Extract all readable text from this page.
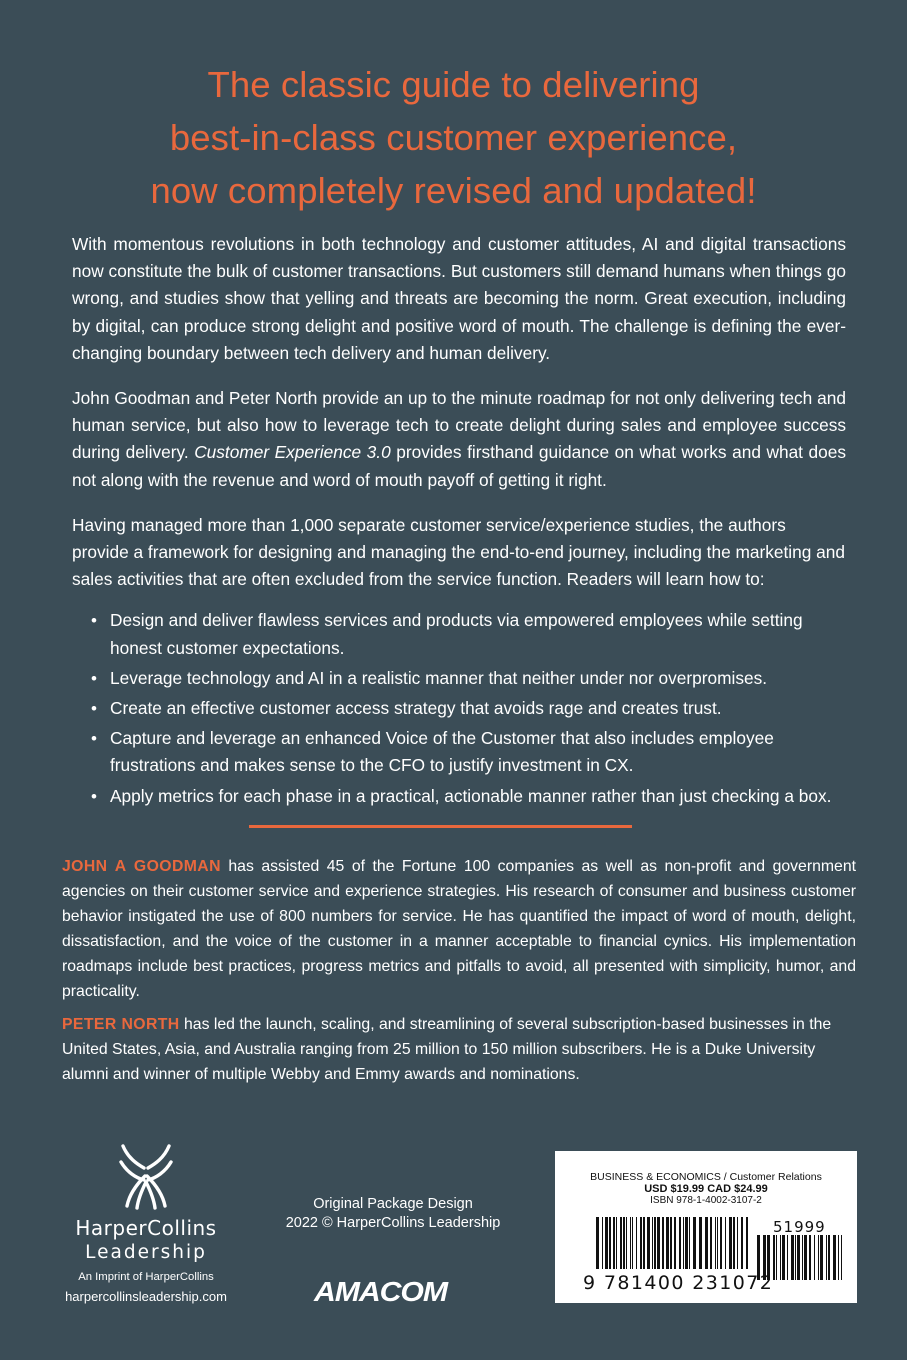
The classic guide to delivering
best-in-class customer experience,
now completely revised and updated!

With momentous revolutions in both technology and customer attitudes, AI and digital transactions now constitute the bulk of customer transactions. But customers still demand humans when things go wrong, and studies show that yelling and threats are becoming the norm. Great execution, including by digital, can produce strong delight and positive word of mouth. The challenge is defining the ever-changing boundary between tech delivery and human delivery.

John Goodman and Peter North provide an up to the minute roadmap for not only delivering tech and human service, but also how to leverage tech to create delight during sales and employee success during delivery. Customer Experience 3.0 provides firsthand guidance on what works and what does not along with the revenue and word of mouth payoff of getting it right.

Having managed more than 1,000 separate customer service/experience studies, the authors provide a framework for designing and managing the end-to-end journey, including the marketing and sales activities that are often excluded from the service function. Readers will learn how to:

• Design and deliver flawless services and products via empowered employees while setting honest customer expectations.
• Leverage technology and AI in a realistic manner that neither under nor overpromises.
• Create an effective customer access strategy that avoids rage and creates trust.
• Capture and leverage an enhanced Voice of the Customer that also includes employee frustrations and makes sense to the CFO to justify investment in CX.
• Apply metrics for each phase in a practical, actionable manner rather than just checking a box.

JOHN A GOODMAN has assisted 45 of the Fortune 100 companies as well as non-profit and government agencies on their customer service and experience strategies. His research of consumer and business customer behavior instigated the use of 800 numbers for service. He has quantified the impact of word of mouth, delight, dissatisfaction, and the voice of the customer in a manner acceptable to financial cynics. His implementation roadmaps include best practices, progress metrics and pitfalls to avoid, all presented with simplicity, humor, and practicality.

PETER NORTH has led the launch, scaling, and streamlining of several subscription-based businesses in the United States, Asia, and Australia ranging from 25 million to 150 million subscribers. He is a Duke University alumni and winner of multiple Webby and Emmy awards and nominations.

HarperCollins
Leadership
An Imprint of HarperCollins
harpercollinsleadership.com
Original Package Design
2022 © HarperCollins Leadership
AMACOM
BUSINESS & ECONOMICS / Customer Relations
USD $19.99 CAD $24.99
ISBN 978-1-4002-3107-2
51999
9 781400 231072
